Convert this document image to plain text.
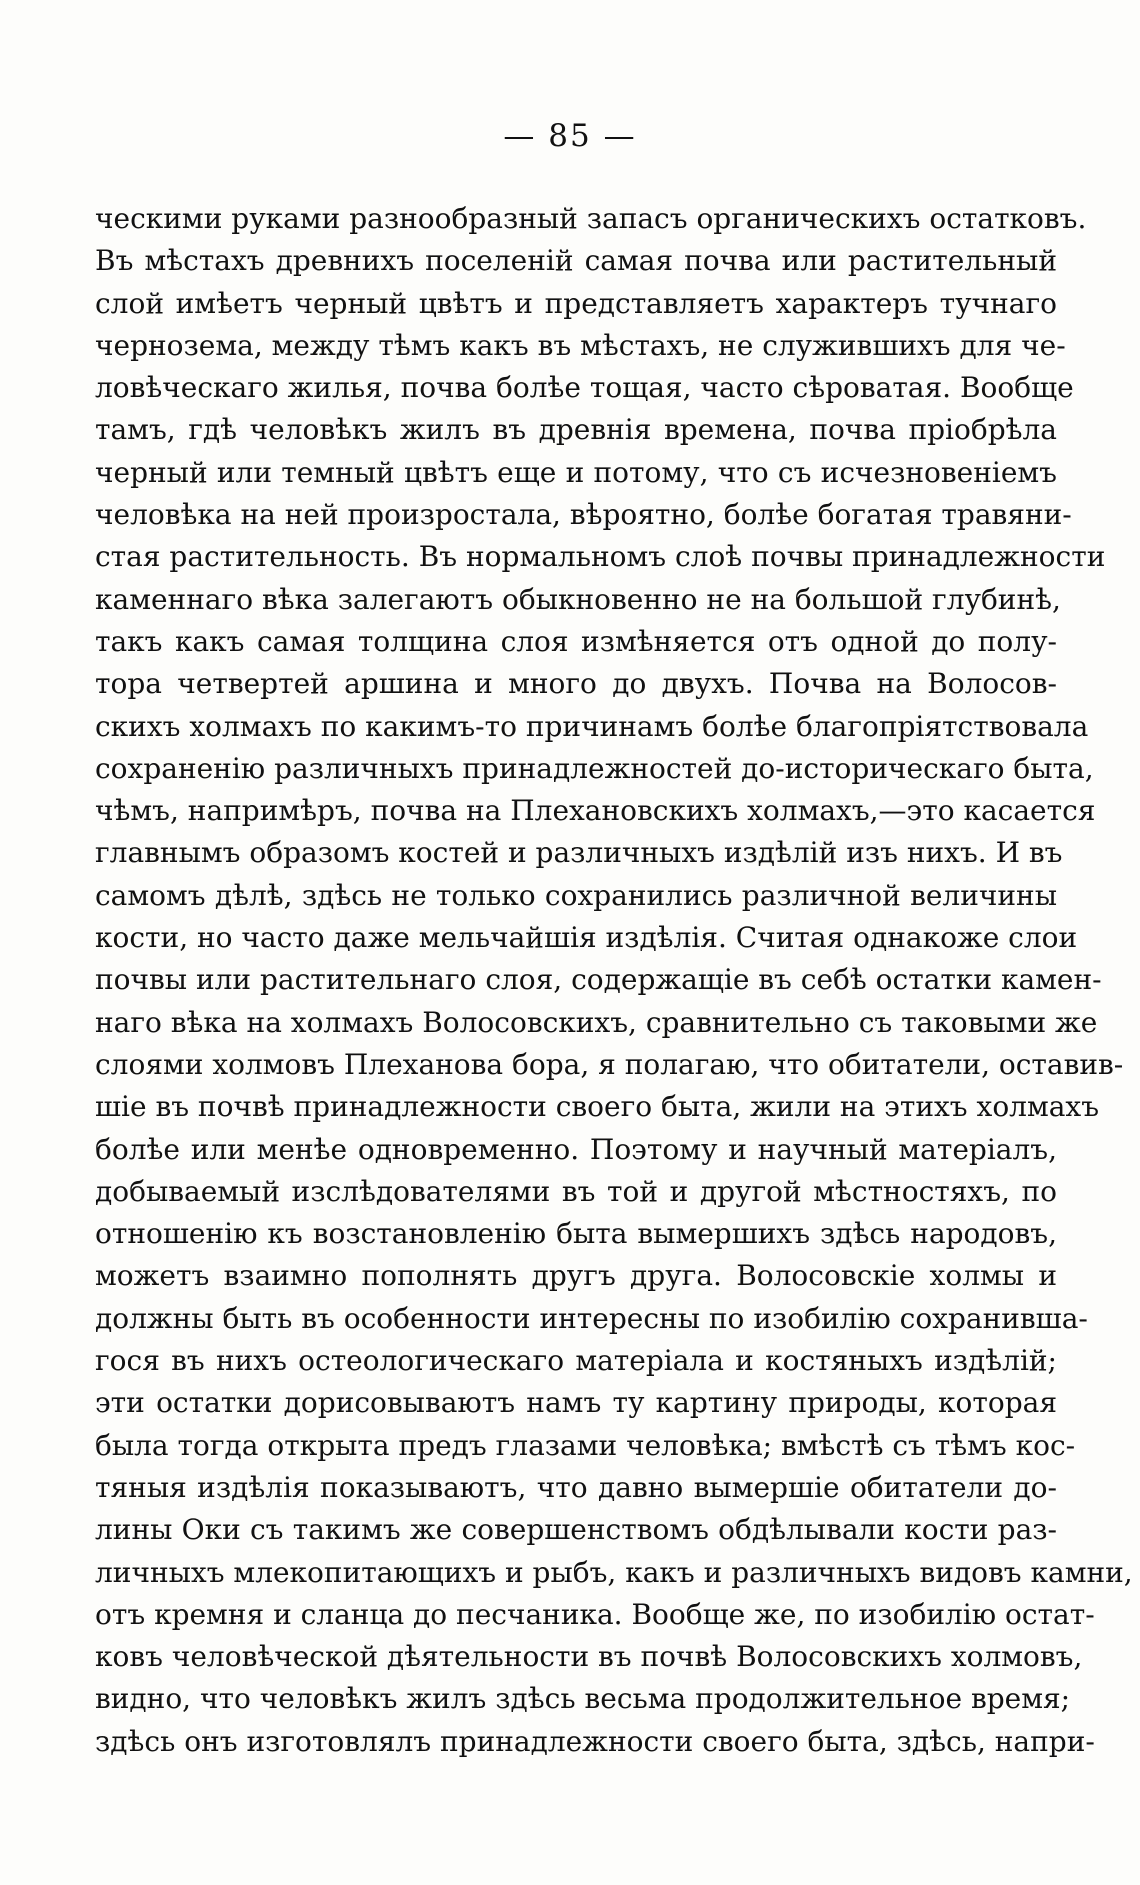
— 85 —
ческими руками разнообразный запасъ органическихъ остатковъ.
Въ мѣстахъ древнихъ поселеній самая почва или растительный
слой имѣетъ черный цвѣтъ и представляетъ характеръ тучнаго
чернозема, между тѣмъ какъ въ мѣстахъ, не служившихъ для че-
ловѣческаго жилья, почва болѣе тощая, часто сѣроватая. Вообще
тамъ, гдѣ человѣкъ жилъ въ древнія времена, почва пріобрѣла
черный или темный цвѣтъ еще и потому, что съ исчезновеніемъ
человѣка на ней произростала, вѣроятно, болѣе богатая травяни-
стая растительность. Въ нормальномъ слоѣ почвы принадлежности
каменнаго вѣка залегаютъ обыкновенно не на большой глубинѣ,
такъ какъ самая толщина слоя измѣняется отъ одной до полу-
тора четвертей аршина и много до двухъ. Почва на Волосов-
скихъ холмахъ по какимъ-то причинамъ болѣе благопріятствовала
сохраненію различныхъ принадлежностей до-историческаго быта,
чѣмъ, напримѣръ, почва на Плехановскихъ холмахъ,—это касается
главнымъ образомъ костей и различныхъ издѣлій изъ нихъ. И въ
самомъ дѣлѣ, здѣсь не только сохранились различной величины
кости, но часто даже мельчайшія издѣлія. Считая однакоже слои
почвы или растительнаго слоя, содержащіе въ себѣ остатки камен-
наго вѣка на холмахъ Волосовскихъ, сравнительно съ таковыми же
слоями холмовъ Плеханова бора, я полагаю, что обитатели, оставив-
шіе въ почвѣ принадлежности своего быта, жили на этихъ холмахъ
болѣе или менѣе одновременно. Поэтому и научный матеріалъ,
добываемый изслѣдователями въ той и другой мѣстностяхъ, по
отношенію къ возстановленію быта вымершихъ здѣсь народовъ,
можетъ взаимно пополнять другъ друга. Волосовскіе холмы и
должны быть въ особенности интересны по изобилію сохранивша-
гося въ нихъ остеологическаго матеріала и костяныхъ издѣлій;
эти остатки дорисовываютъ намъ ту картину природы, которая
была тогда открыта предъ глазами человѣка; вмѣстѣ съ тѣмъ кос-
тяныя издѣлія показываютъ, что давно вымершіе обитатели до-
лины Оки съ такимъ же совершенствомъ обдѣлывали кости раз-
личныхъ млекопитающихъ и рыбъ, какъ и различныхъ видовъ камни,
отъ кремня и сланца до песчаника. Вообще же, по изобилію остат-
ковъ человѣческой дѣятельности въ почвѣ Волосовскихъ холмовъ,
видно, что человѣкъ жилъ здѣсь весьма продолжительное время;
здѣсь онъ изготовлялъ принадлежности своего быта, здѣсь, напри-
